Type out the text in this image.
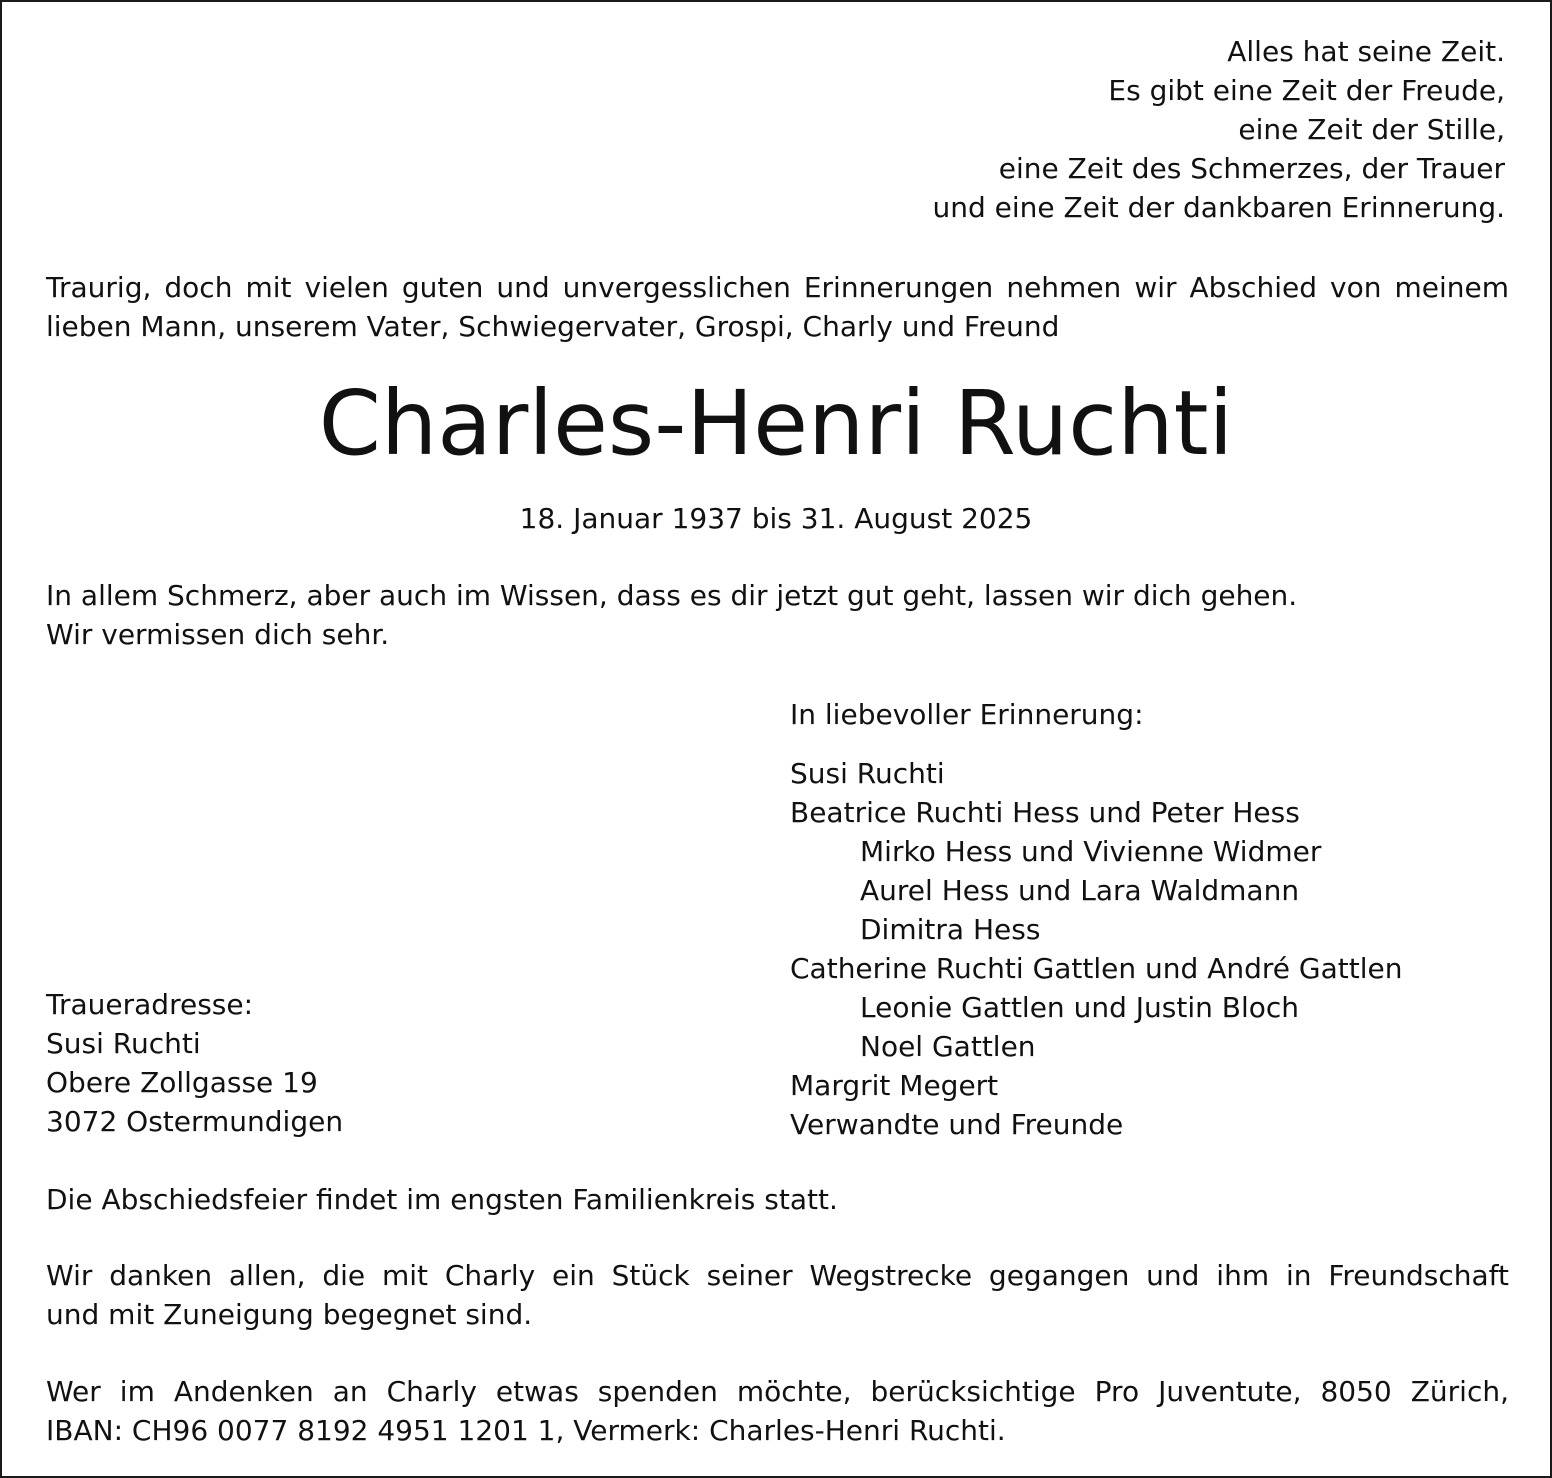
Alles hat seine Zeit.
Es gibt eine Zeit der Freude,
eine Zeit der Stille,
eine Zeit des Schmerzes, der Trauer
und eine Zeit der dankbaren Erinnerung.
Traurig, doch mit vielen guten und unvergesslichen Erinnerungen nehmen wir Abschied von meinem
lieben Mann, unserem Vater, Schwiegervater, Grospi, Charly und Freund
Charles-Henri Ruchti
18. Januar 1937 bis 31. August 2025
In allem Schmerz, aber auch im Wissen, dass es dir jetzt gut geht, lassen wir dich gehen.
Wir vermissen dich sehr.
In liebevoller Erinnerung:
Susi Ruchti
Beatrice Ruchti Hess und Peter Hess
Mirko Hess und Vivienne Widmer
Aurel Hess und Lara Waldmann
Dimitra Hess
Catherine Ruchti Gattlen und André Gattlen
Leonie Gattlen und Justin Bloch
Noel Gattlen
Margrit Megert
Verwandte und Freunde
Traueradresse:
Susi Ruchti
Obere Zollgasse 19
3072 Ostermundigen
Die Abschiedsfeier findet im engsten Familienkreis statt.
Wir danken allen, die mit Charly ein Stück seiner Wegstrecke gegangen und ihm in Freundschaft
und mit Zuneigung begegnet sind.
Wer im Andenken an Charly etwas spenden möchte, berücksichtige Pro Juventute, 8050 Zürich,
IBAN: CH96 0077 8192 4951 1201 1, Vermerk: Charles-Henri Ruchti.
